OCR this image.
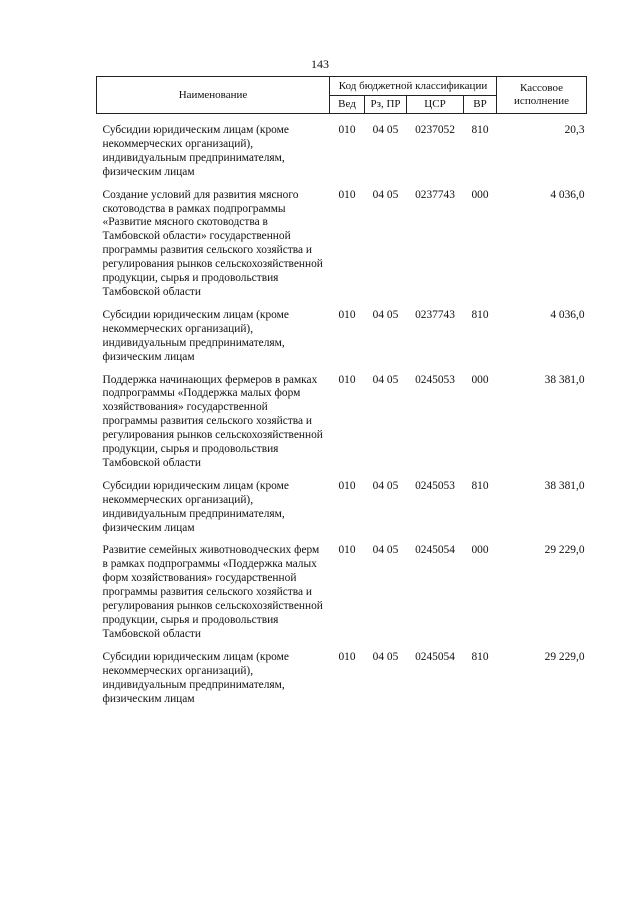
143
Наименование	Код бюджетной классификации				Кассовое исполнение
	Вед	Рз, ПР	ЦСР	ВР	
Субсидии юридическим лицам (кроме некоммерческих организаций), индивидуальным предпринимателям, физическим лицам	010	04 05	0237052	810	20,3
Создание условий для развития мясного скотоводства в рамках подпрограммы «Развитие мясного скотоводства в Тамбовской области» государственной программы развития сельского хозяйства и регулирования рынков сельскохозяйственной продукции, сырья и продовольствия Тамбовской области	010	04 05	0237743	000	4 036,0
Субсидии юридическим лицам (кроме некоммерческих организаций), индивидуальным предпринимателям, физическим лицам	010	04 05	0237743	810	4 036,0
Поддержка начинающих фермеров в рамках подпрограммы «Поддержка малых форм хозяйствования» государственной программы развития сельского хозяйства и регулирования рынков сельскохозяйственной продукции, сырья и продовольствия Тамбовской области	010	04 05	0245053	000	38 381,0
Субсидии юридическим лицам (кроме некоммерческих организаций), индивидуальным предпринимателям, физическим лицам	010	04 05	0245053	810	38 381,0
Развитие семейных животноводческих ферм в рамках подпрограммы «Поддержка малых форм хозяйствования» государственной программы развития сельского хозяйства и регулирования рынков сельскохозяйственной продукции, сырья и продовольствия Тамбовской области	010	04 05	0245054	000	29 229,0
Субсидии юридическим лицам (кроме некоммерческих организаций), индивидуальным предпринимателям, физическим лицам	010	04 05	0245054	810	29 229,0
